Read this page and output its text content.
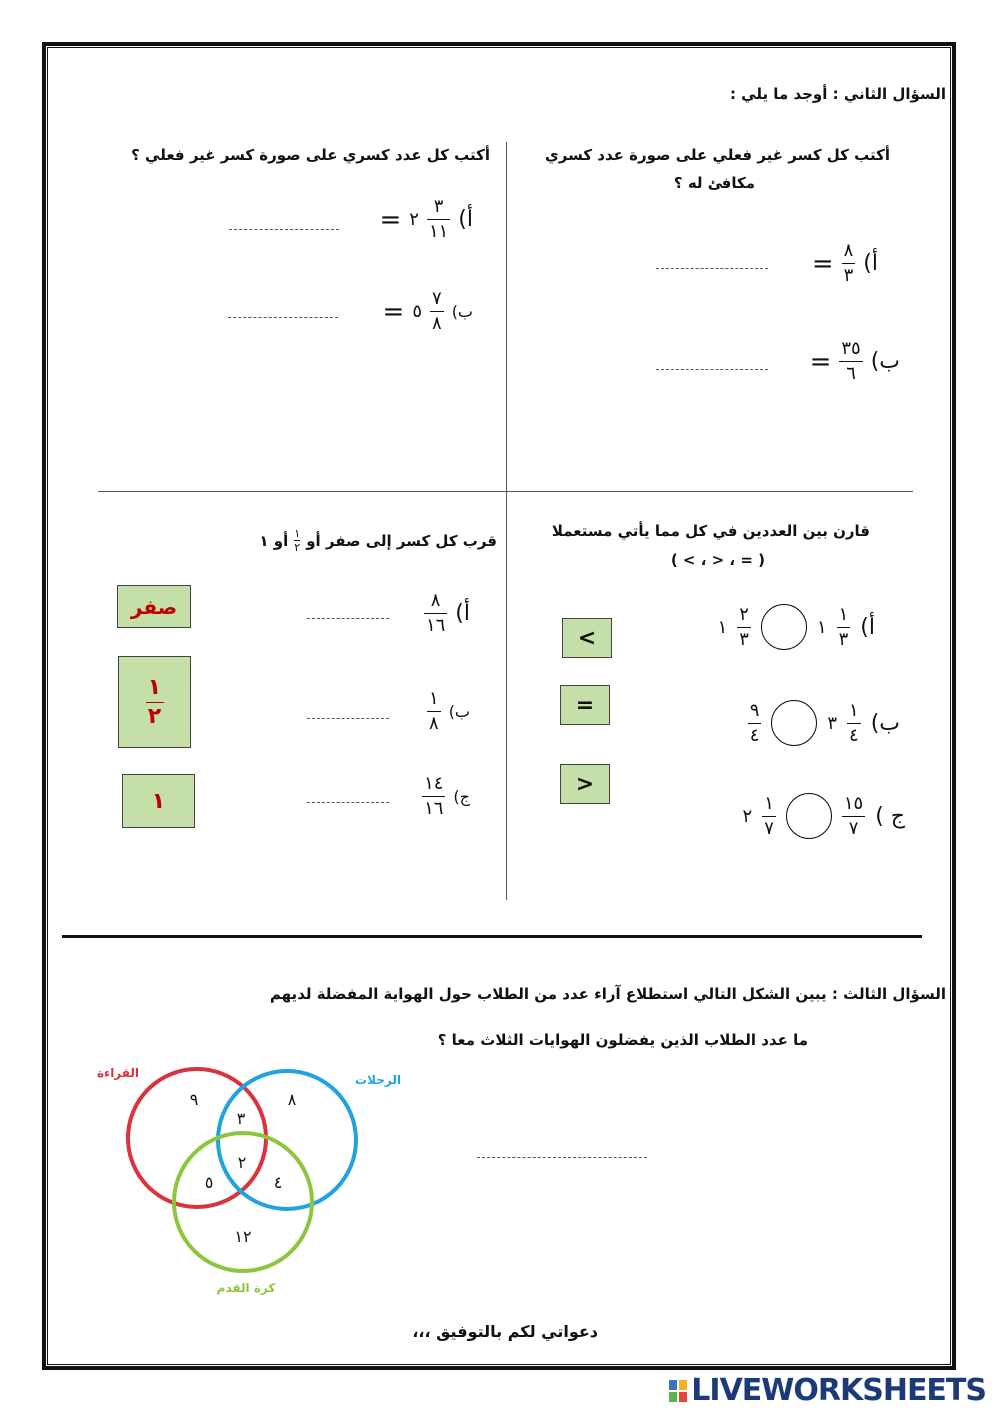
السؤال الثاني : أوجد ما يلي :
أكتب كل كسر غير فعلي على صورة عدد كسري
مكافئ له ؟
أ)
$\frac{٨}{٣}$
=
ب)
$\frac{٣٥}{٦}$
=
أكتب كل عدد كسري على صورة كسر غير فعلي ؟
أ)
$\frac{٣}{١١}$
٢
=
ب)
$\frac{٧}{٨}$
٥
=
قارن بين العددين في كل مما يأتي مستعملا
( < ، > ، = )
أ)
$\frac{١}{٣}$
١
$\frac{٢}{٣}$
١
<
ب)
$\frac{١}{٤}$
٣
$\frac{٩}{٤}$
=
ج )
$\frac{١٥}{٧}$
$\frac{١}{٧}$
٢
>
قرب كل كسر إلى صفر أو
$\frac{١}{٢}$
أو ١
أ)
$\frac{٨}{١٦}$
صفر
ب)
$\frac{١}{٨}$
$\frac{١}{٢}$
ج)
$\frac{١٤}{١٦}$
١
السؤال الثالث : يبين الشكل التالي استطلاع آراء عدد من الطلاب حول الهواية المفضلة لديهم
ما عدد الطلاب الذين يفضلون الهوايات الثلاث معا ؟
القراءة	الرحلات
كرة القدم
٩	٨
٣
٢
٥	٤
١٢
دعواتي لكم بالتوفيق ،،،
LIVEWORKSHEETS
